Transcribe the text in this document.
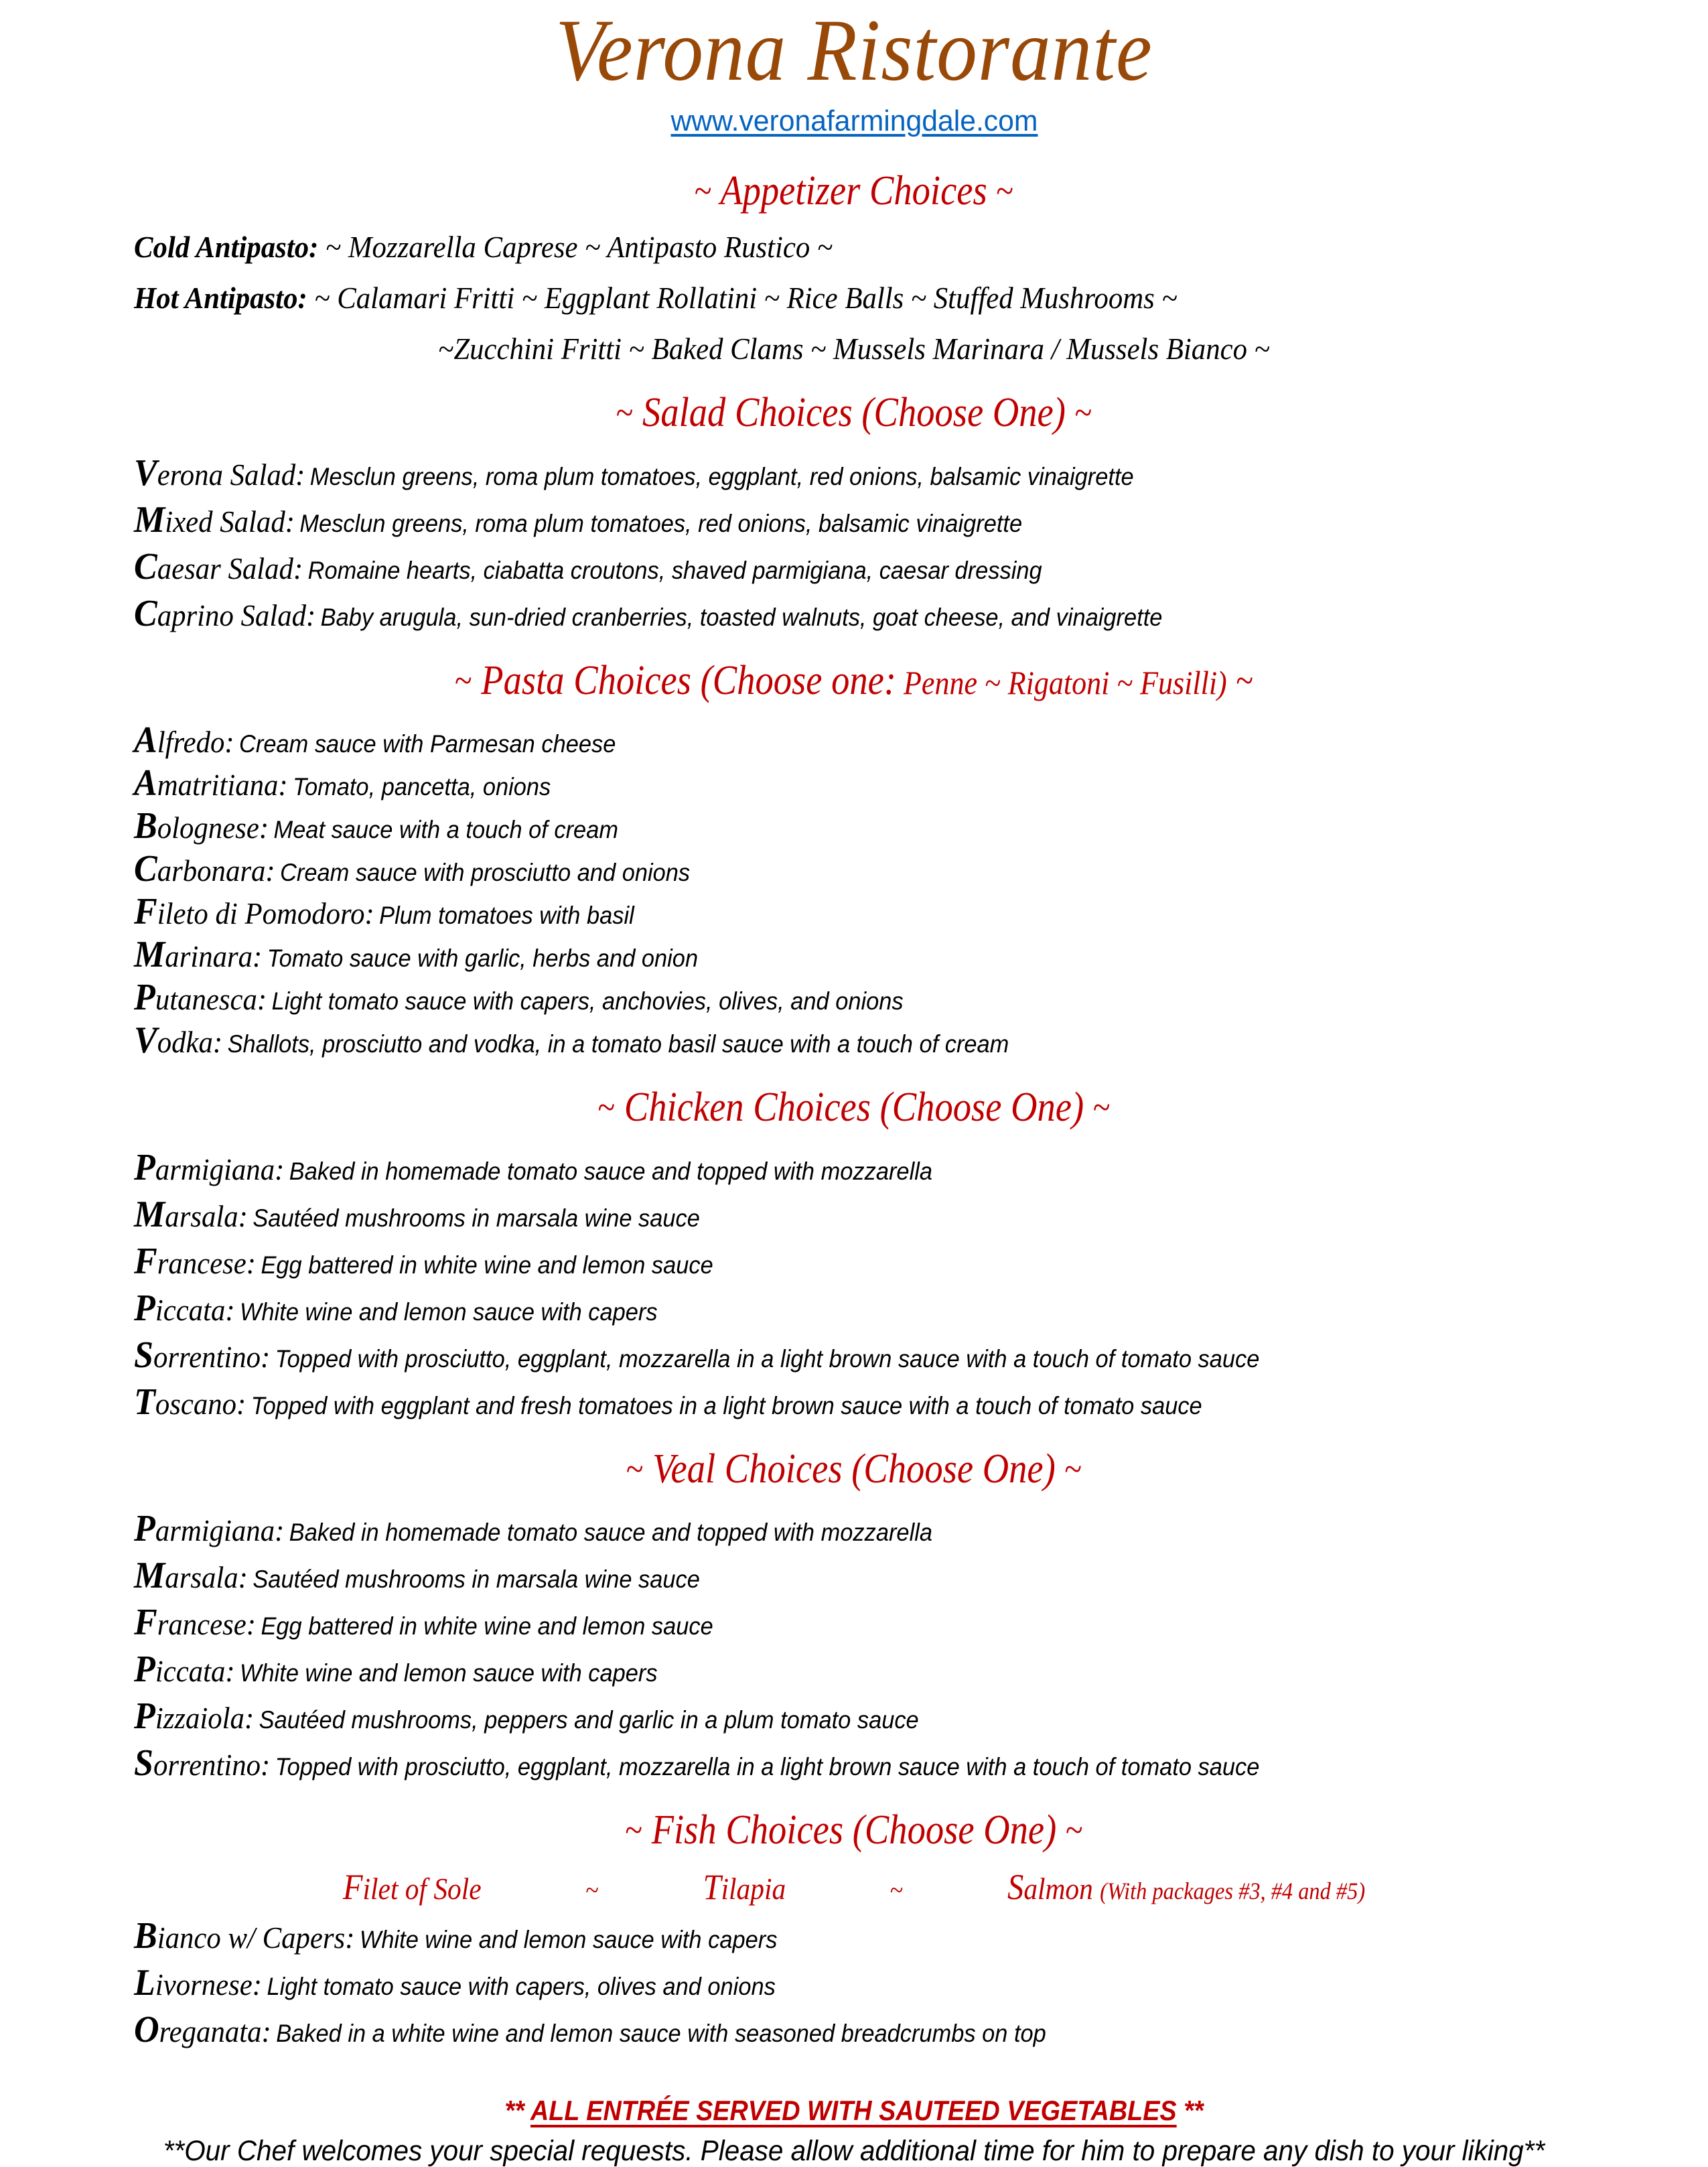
Verona Ristorante
www.veronafarmingdale.com
~ Appetizer Choices ~
Cold Antipasto: ~ Mozzarella Caprese ~ Antipasto Rustico ~
Hot Antipasto: ~ Calamari Fritti ~ Eggplant Rollatini ~ Rice Balls ~ Stuffed Mushrooms ~
~Zucchini Fritti ~ Baked Clams ~ Mussels Marinara / Mussels Bianco ~
~ Salad Choices (Choose One) ~
Verona Salad: Mesclun greens, roma plum tomatoes, eggplant, red onions, balsamic vinaigrette
Mixed Salad: Mesclun greens, roma plum tomatoes, red onions, balsamic vinaigrette
Caesar Salad: Romaine hearts, ciabatta croutons, shaved parmigiana, caesar dressing
Caprino Salad: Baby arugula, sun-dried cranberries, toasted walnuts, goat cheese, and vinaigrette
~ Pasta Choices (Choose one: Penne ~ Rigatoni ~ Fusilli) ~
Alfredo: Cream sauce with Parmesan cheese
Amatritiana: Tomato, pancetta, onions
Bolognese: Meat sauce with a touch of cream
Carbonara: Cream sauce with prosciutto and onions
Fileto di Pomodoro: Plum tomatoes with basil
Marinara: Tomato sauce with garlic, herbs and onion
Putanesca: Light tomato sauce with capers, anchovies, olives, and onions
Vodka: Shallots, prosciutto and vodka, in a tomato basil sauce with a touch of cream
~ Chicken Choices (Choose One) ~
Parmigiana: Baked in homemade tomato sauce and topped with mozzarella
Marsala: Sautéed mushrooms in marsala wine sauce
Francese: Egg battered in white wine and lemon sauce
Piccata: White wine and lemon sauce with capers
Sorrentino: Topped with prosciutto, eggplant, mozzarella in a light brown sauce with a touch of tomato sauce
Toscano: Topped with eggplant and fresh tomatoes in a light brown sauce with a touch of tomato sauce
~ Veal Choices (Choose One) ~
Parmigiana: Baked in homemade tomato sauce and topped with mozzarella
Marsala: Sautéed mushrooms in marsala wine sauce
Francese: Egg battered in white wine and lemon sauce
Piccata: White wine and lemon sauce with capers
Pizzaiola: Sautéed mushrooms, peppers and garlic in a plum tomato sauce
Sorrentino: Topped with prosciutto, eggplant, mozzarella in a light brown sauce with a touch of tomato sauce
~ Fish Choices (Choose One) ~
Filet of Sole	~	Tilapia	~	Salmon (With packages #3, #4 and #5)
Bianco w/ Capers: White wine and lemon sauce with capers
Livornese: Light tomato sauce with capers, olives and onions
Oreganata: Baked in a white wine and lemon sauce with seasoned breadcrumbs on top
** ALL ENTRÉE SERVED WITH SAUTEED VEGETABLES **
**Our Chef welcomes your special requests. Please allow additional time for him to prepare any dish to your liking**
